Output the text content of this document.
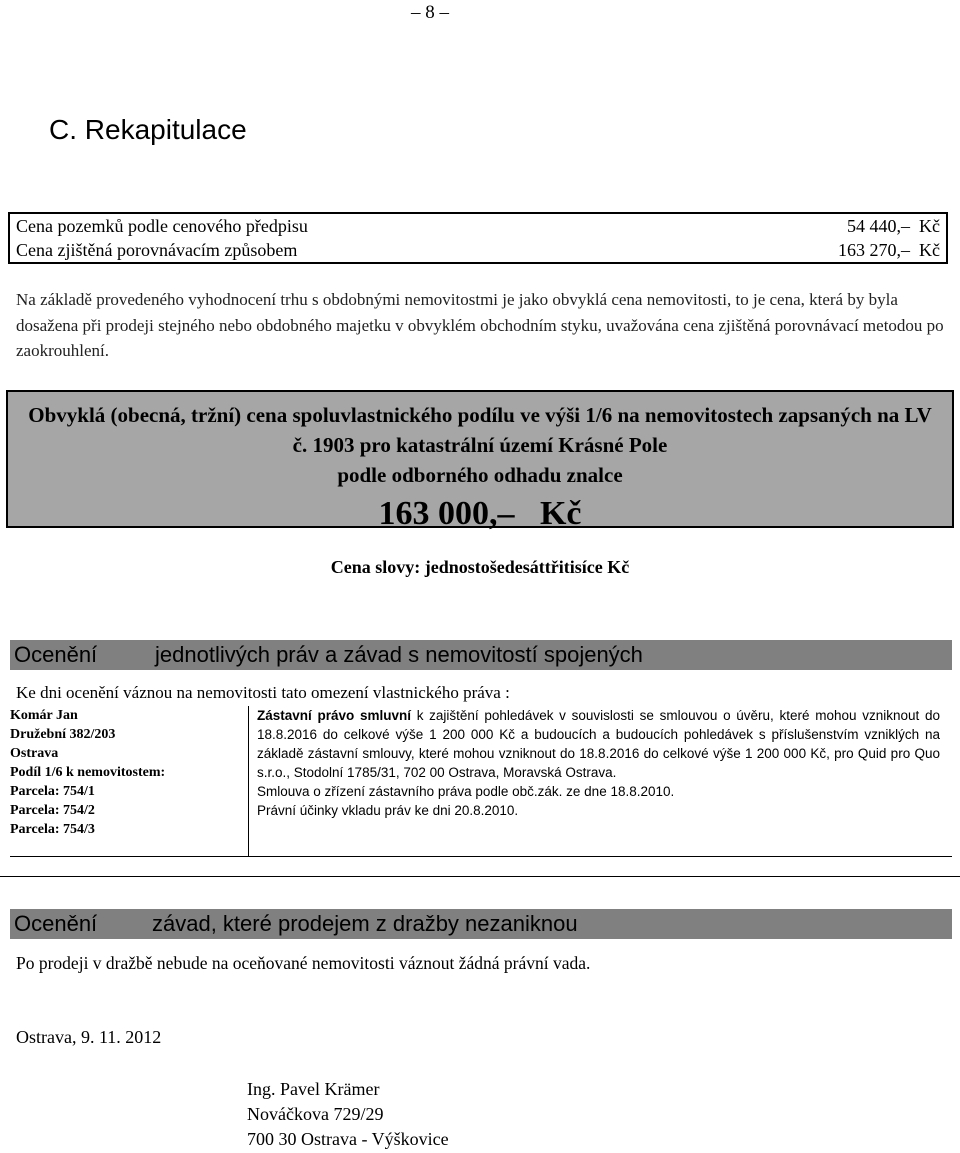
– 8 –
C. Rekapitulace
Cena pozemků podle cenového předpisu	54 440,–  Kč
Cena zjištěná porovnávacím způsobem	163 270,–  Kč
Na základě provedeného vyhodnocení trhu s obdobnými nemovitostmi je jako obvyklá cena nemovitosti, to je cena, která by byla dosažena při prodeji stejného nebo obdobného majetku v obvyklém obchodním styku, uvažována cena zjištěná porovnávací metodou po zaokrouhlení.
Obvyklá (obecná, tržní) cena spoluvlastnického podílu ve výši 1/6 na nemovitostech zapsaných na LV č. 1903 pro katastrální území Krásné Pole
podle odborného odhadu znalce
163 000,–   Kč
Cena slovy: jednostošedesáttřitisíce Kč
Ocenění	jednotlivých práv a závad s nemovitostí spojených
Ke dni ocenění váznou na nemovitosti tato omezení vlastnického práva :
Komár Jan
Družební 382/203
Ostrava
Podíl 1/6 k nemovitostem:
Parcela: 754/1
Parcela: 754/2
Parcela: 754/3
Zástavní právo smluvní k zajištění pohledávek v souvislosti se smlouvou o úvěru, které mohou vzniknout do 18.8.2016 do celkové výše 1 200 000 Kč a budoucích a budoucích pohledávek s příslušenstvím vzniklých na základě zástavní smlouvy, které mohou vzniknout do 18.8.2016 do celkové výše 1 200 000 Kč, pro Quid pro Quo s.r.o., Stodolní 1785/31, 702 00 Ostrava, Moravská Ostrava.
Smlouva o zřízení zástavního práva podle obč.zák. ze dne 18.8.2010.
Právní účinky vkladu práv ke dni 20.8.2010.
Ocenění závad, které prodejem z dražby nezaniknou
Po prodeji v dražbě nebude na oceňované nemovitosti váznout žádná právní vada.
Ostrava, 9. 11. 2012
Ing. Pavel Krämer
Nováčkova 729/29
700 30 Ostrava - Výškovice
